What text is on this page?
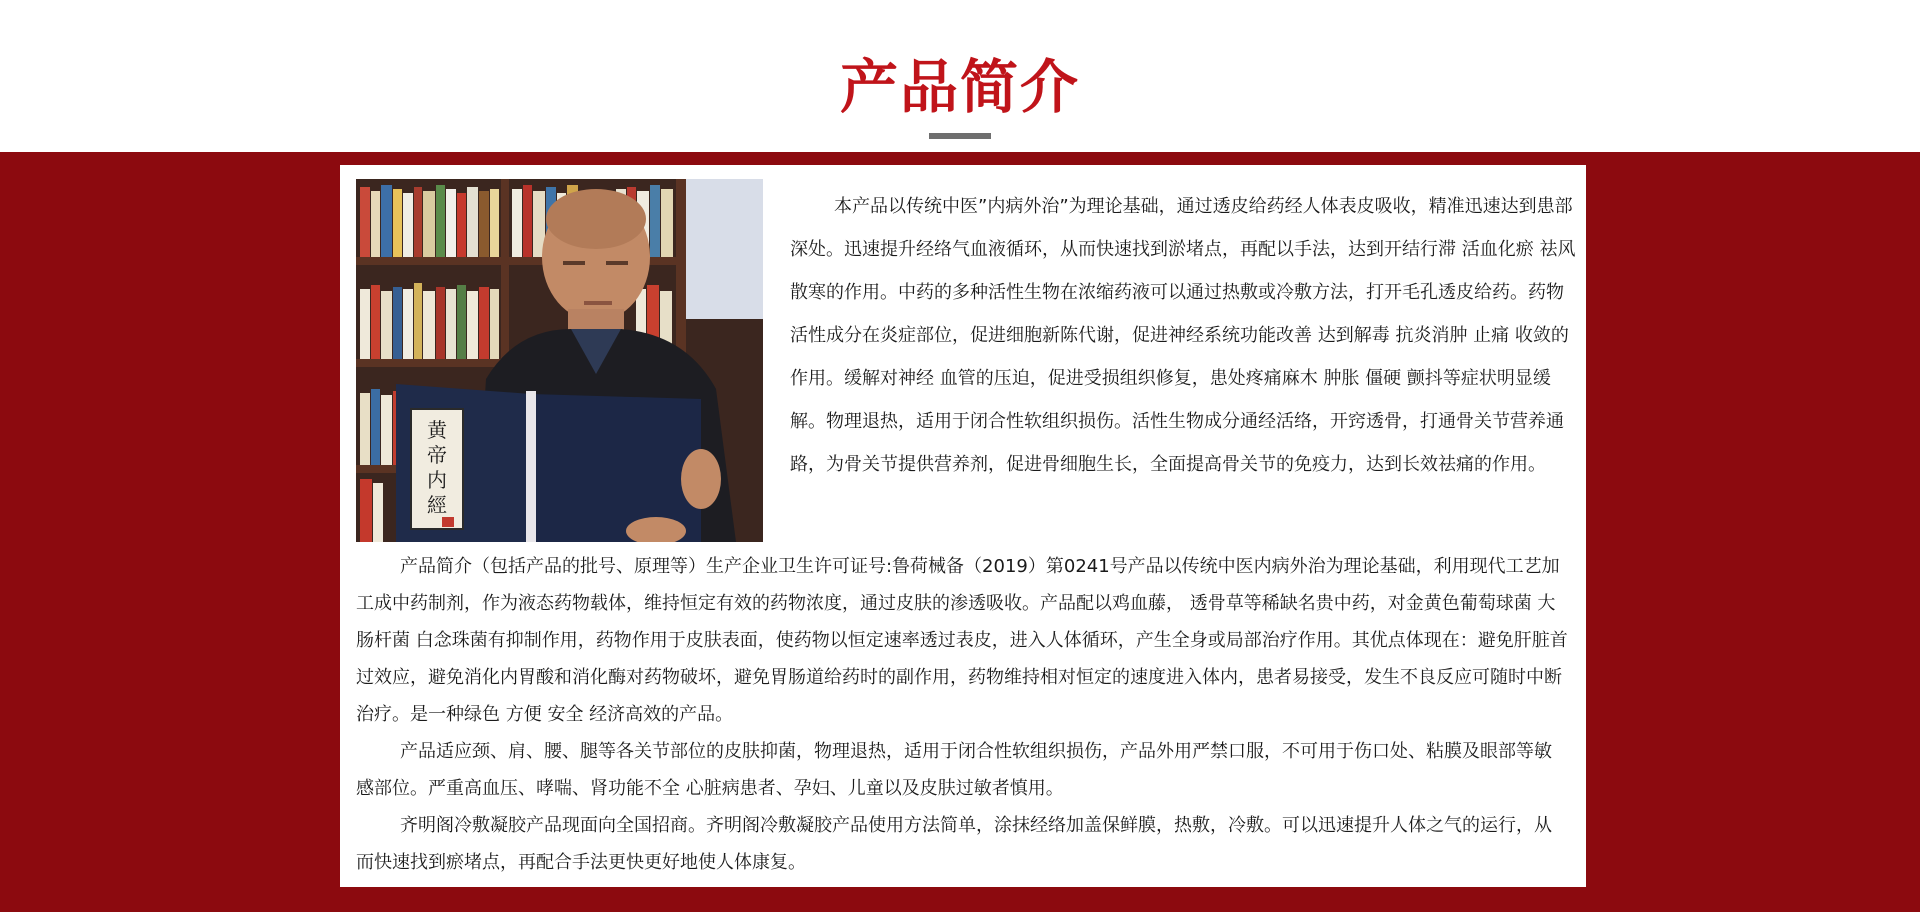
产品简介
黄
帝
内
經

本产品以传统中医”内病外治”为理论基础，通过透皮给药经人体表皮吸收，精准迅速达到患部深处。迅速提升经络气血液循环，从而快速找到淤堵点，再配以手法，达到开结行滞 活血化瘀 祛风散寒的作用。中药的多种活性生物在浓缩药液可以通过热敷或冷敷方法，打开毛孔透皮给药。药物活性成分在炎症部位，促进细胞新陈代谢，促进神经系统功能改善 达到解毒 抗炎消肿 止痛 收敛的作用。缓解对神经 血管的压迫，促进受损组织修复，患处疼痛麻木 肿胀 僵硬 颤抖等症状明显缓解。物理退热，适用于闭合性软组织损伤。活性生物成分通经活络，开窍透骨，打通骨关节营养通路，为骨关节提供营养剂，促进骨细胞生长，全面提高骨关节的免疫力，达到长效祛痛的作用。

产品简介（包括产品的批号、原理等）生产企业卫生许可证号:鲁荷械备（2019）第0241号产品以传统中医内病外治为理论基础，利用现代工艺加工成中药制剂，作为液态药物载体，维持恒定有效的药物浓度，通过皮肤的渗透吸收。产品配以鸡血藤， 透骨草等稀缺名贵中药，对金黄色葡萄球菌 大肠杆菌 白念珠菌有抑制作用，药物作用于皮肤表面，使药物以恒定速率透过表皮，进入人体循环，产生全身或局部治疗作用。其优点体现在：避免肝脏首过效应，避免消化内胃酸和消化酶对药物破坏，避免胃肠道给药时的副作用，药物维持相对恒定的速度进入体内，患者易接受，发生不良反应可随时中断治疗。是一种绿色 方便 安全 经济高效的产品。

产品适应颈、肩、腰、腿等各关节部位的皮肤抑菌，物理退热，适用于闭合性软组织损伤，产品外用严禁口服，不可用于伤口处、粘膜及眼部等敏感部位。严重高血压、哮喘、肾功能不全 心脏病患者、孕妇、儿童以及皮肤过敏者慎用。

齐明阁冷敷凝胶产品现面向全国招商。齐明阁冷敷凝胶产品使用方法简单，涂抹经络加盖保鲜膜，热敷，冷敷。可以迅速提升人体之气的运行，从而快速找到瘀堵点，再配合手法更快更好地使人体康复。
